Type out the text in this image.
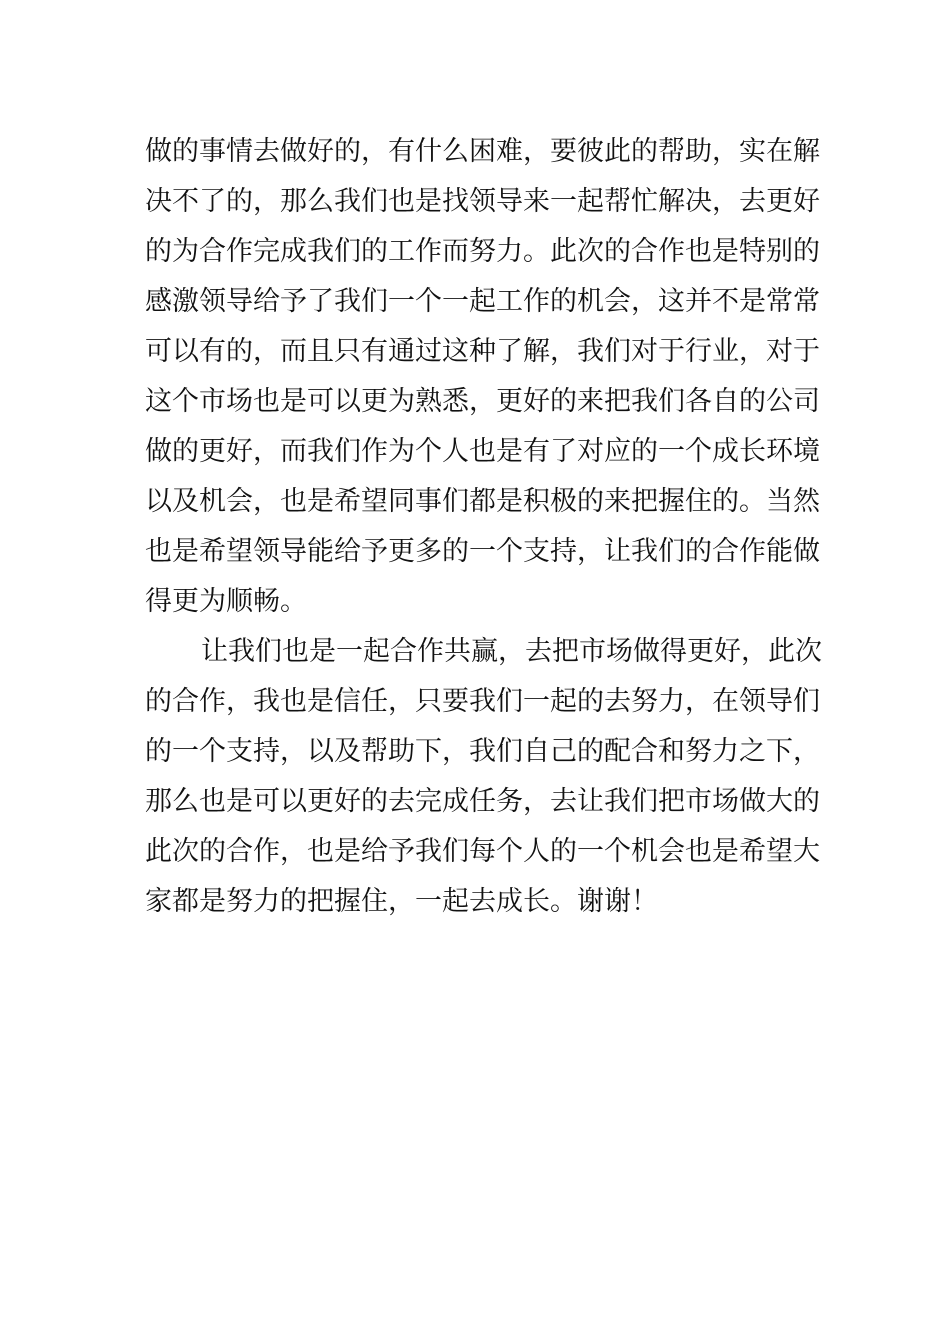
做的事情去做好的，有什么困难，要彼此的帮助，实在解
决不了的，那么我们也是找领导来一起帮忙解决，去更好
的为合作完成我们的工作而努力。此次的合作也是特别的
感激领导给予了我们一个一起工作的机会，这并不是常常
可以有的，而且只有通过这种了解，我们对于行业，对于
这个市场也是可以更为熟悉，更好的来把我们各自的公司
做的更好，而我们作为个人也是有了对应的一个成长环境
以及机会，也是希望同事们都是积极的来把握住的。当然
也是希望领导能给予更多的一个支持，让我们的合作能做
得更为顺畅。
让我们也是一起合作共赢，去把市场做得更好，此次
的合作，我也是信任，只要我们一起的去努力，在领导们
的一个支持，以及帮助下，我们自己的配合和努力之下，
那么也是可以更好的去完成任务，去让我们把市场做大的
此次的合作，也是给予我们每个人的一个机会也是希望大
家都是努力的把握住，一起去成长。谢谢！
